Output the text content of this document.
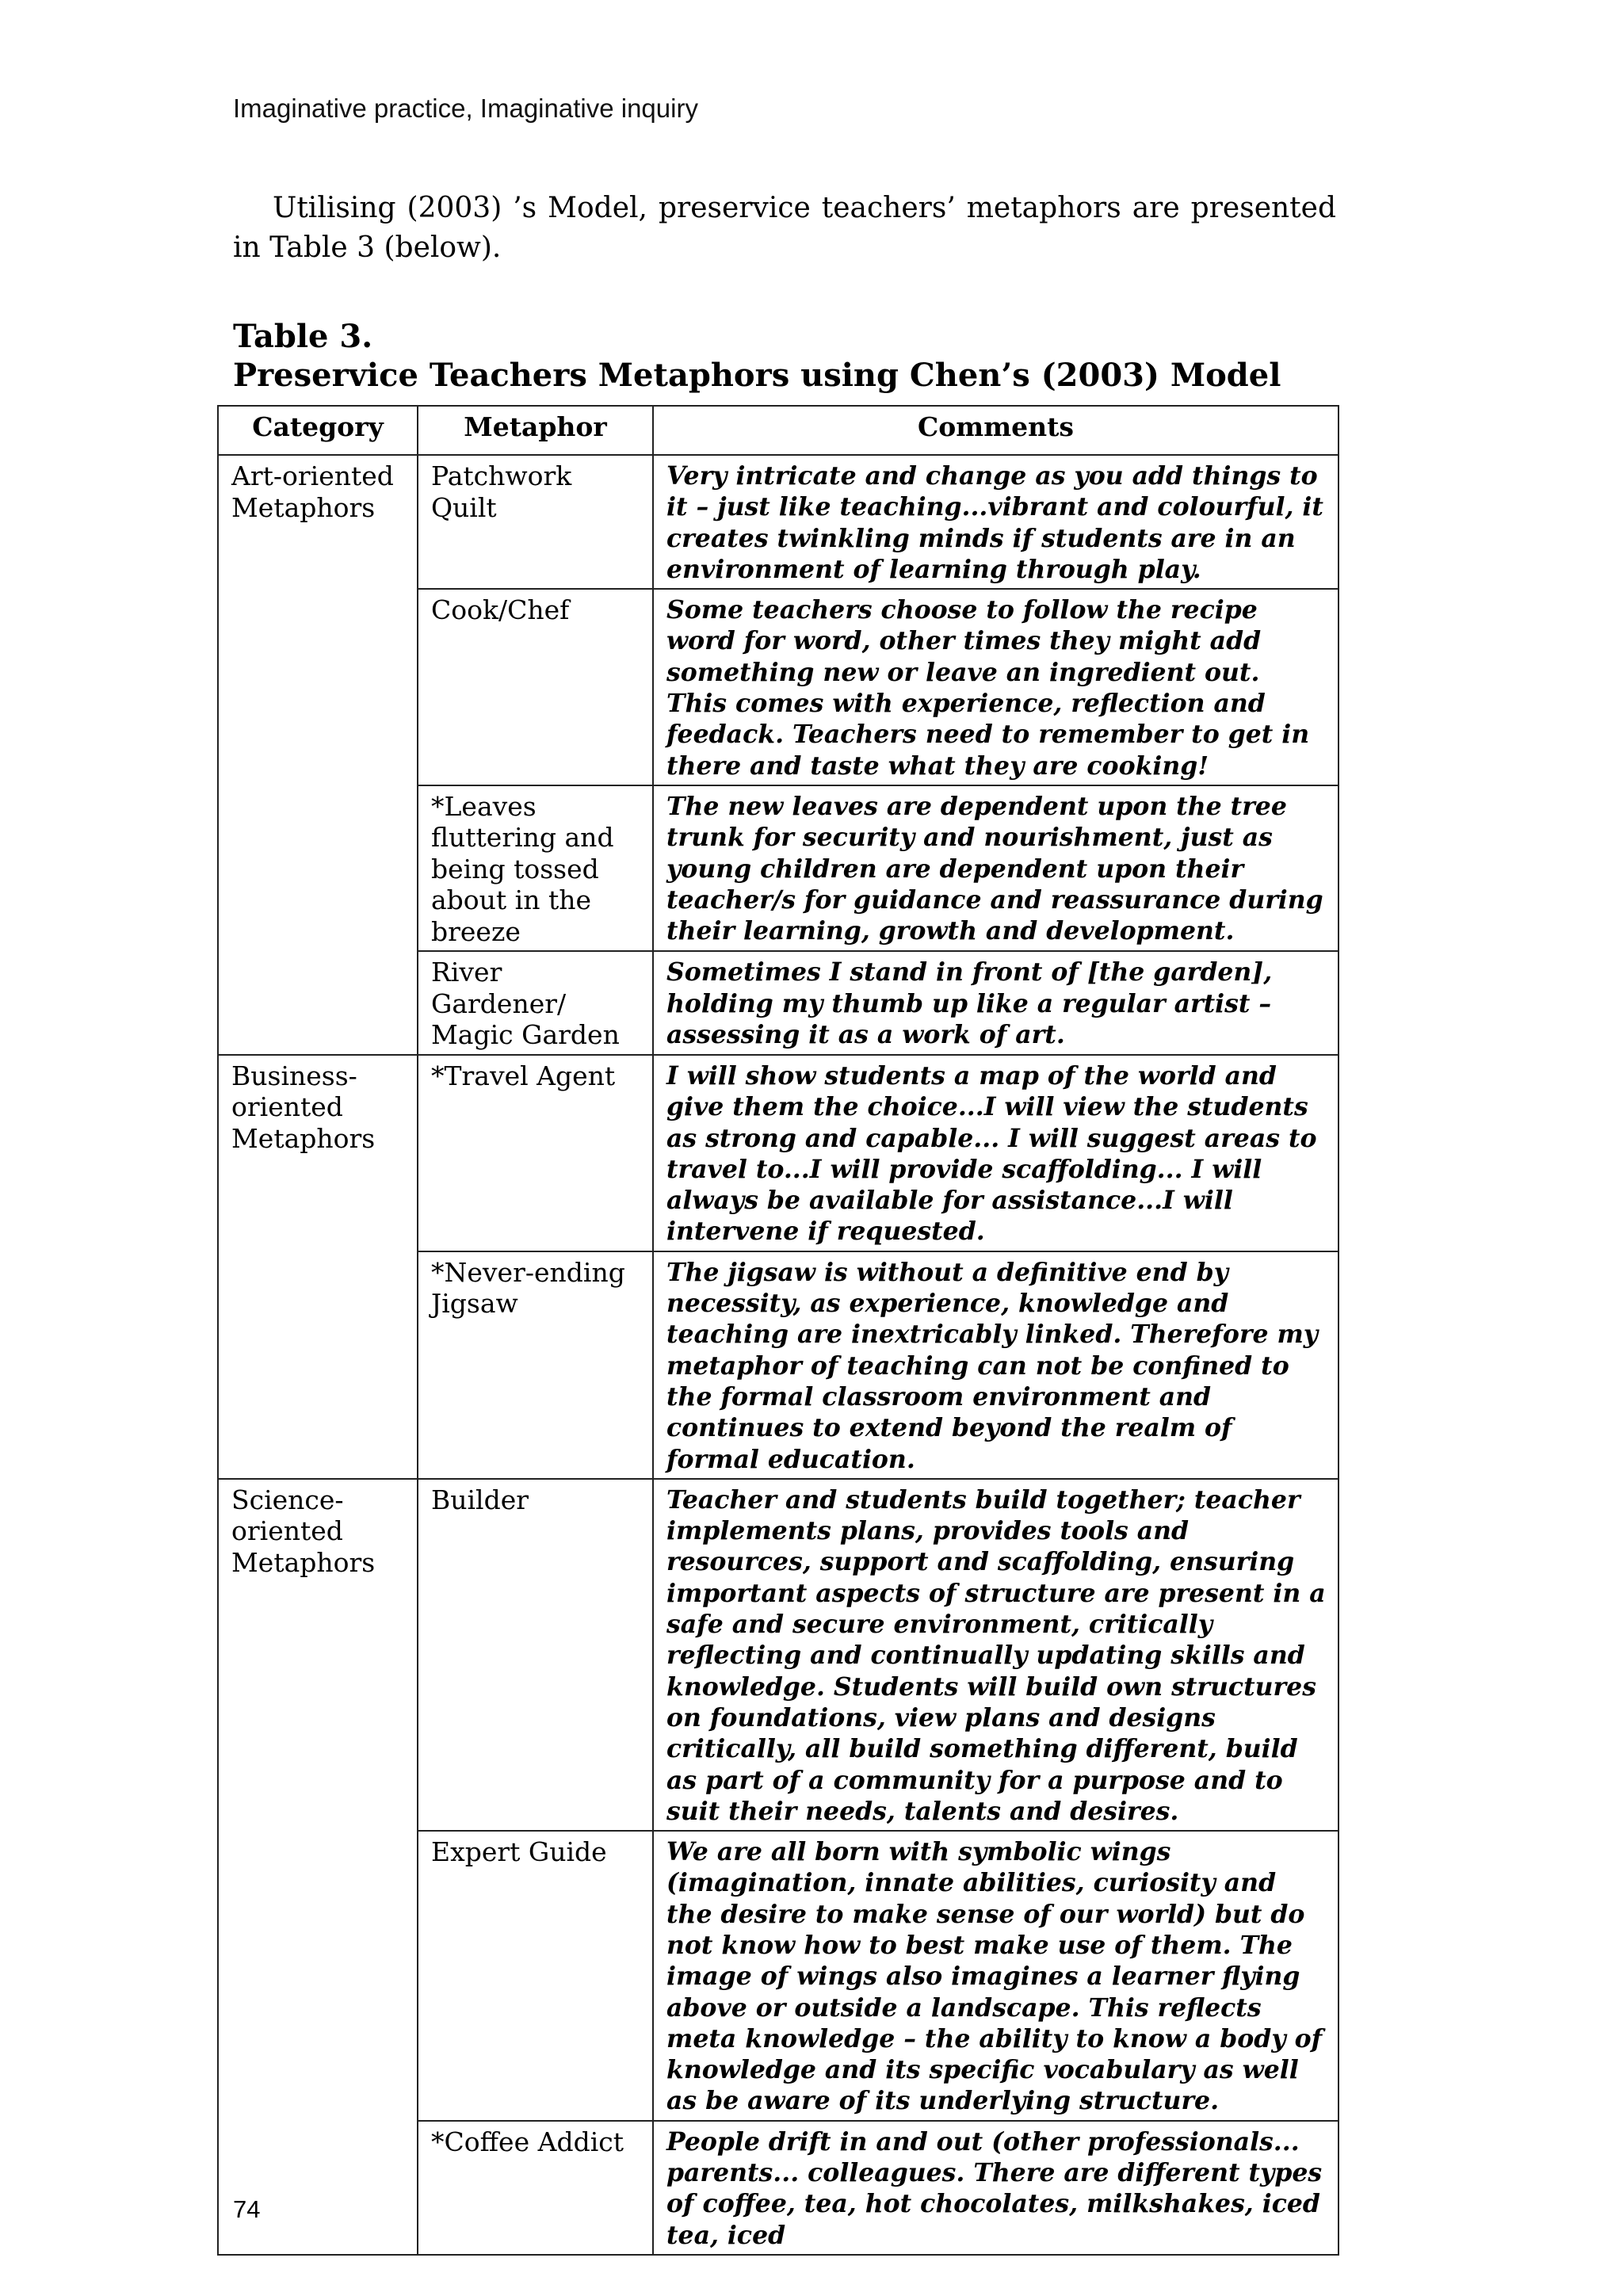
Imaginative practice, Imaginative inquiry

Utilising (2003) ’s Model, preservice teachers’ metaphors are presented in Table 3 (below).

Table 3.
Preservice Teachers Metaphors using Chen’s (2003) Model
Category	Metaphor	Comments
Art-oriented Metaphors	Patchwork Quilt	Very intricate and change as you add things to it – just like teaching...vibrant and colourful, it creates twinkling minds if students are in an environment of learning through play.
	Cook/Chef	Some teachers choose to follow the recipe word for word, other times they might add something new or leave an ingredient out. This comes with experience, reflection and feedack. Teachers need to remember to get in there and taste what they are cooking!
	*Leaves fluttering and being tossed about in the breeze	The new leaves are dependent upon the tree trunk for security and nourishment, just as young children are dependent upon their teacher/s for guidance and reassurance during their learning, growth and development.
	River Gardener/ Magic Garden	Sometimes I stand in front of [the garden], holding my thumb up like a regular artist – assessing it as a work of art.
Business-oriented Metaphors	*Travel Agent	I will show students a map of the world and give them the choice...I will view the students as strong and capable... I will suggest areas to travel to...I will provide scaffolding... I will always be available for assistance...I will intervene if requested.
	*Never-ending Jigsaw	The jigsaw is without a definitive end by necessity, as experience, knowledge and teaching are inextricably linked. Therefore my metaphor of teaching can not be confined to the formal classroom environment and continues to extend beyond the realm of formal education.
Science-oriented Metaphors	Builder	Teacher and students build together; teacher implements plans, provides tools and resources, support and scaffolding, ensuring important aspects of structure are present in a safe and secure environment, critically reflecting and continually updating skills and knowledge. Students will build own structures on foundations, view plans and designs critically, all build something different, build as part of a community for a purpose and to suit their needs, talents and desires.
	Expert Guide	We are all born with symbolic wings (imagination, innate abilities, curiosity and the desire to make sense of our world) but do not know how to best make use of them. The image of wings also imagines a learner flying above or outside a landscape. This reflects meta knowledge – the ability to know a body of knowledge and its specific vocabulary as well as be aware of its underlying structure.
	*Coffee Addict	People drift in and out (other professionals... parents... colleagues. There are different types of coffee, tea, hot chocolates, milkshakes, iced tea, iced
74
